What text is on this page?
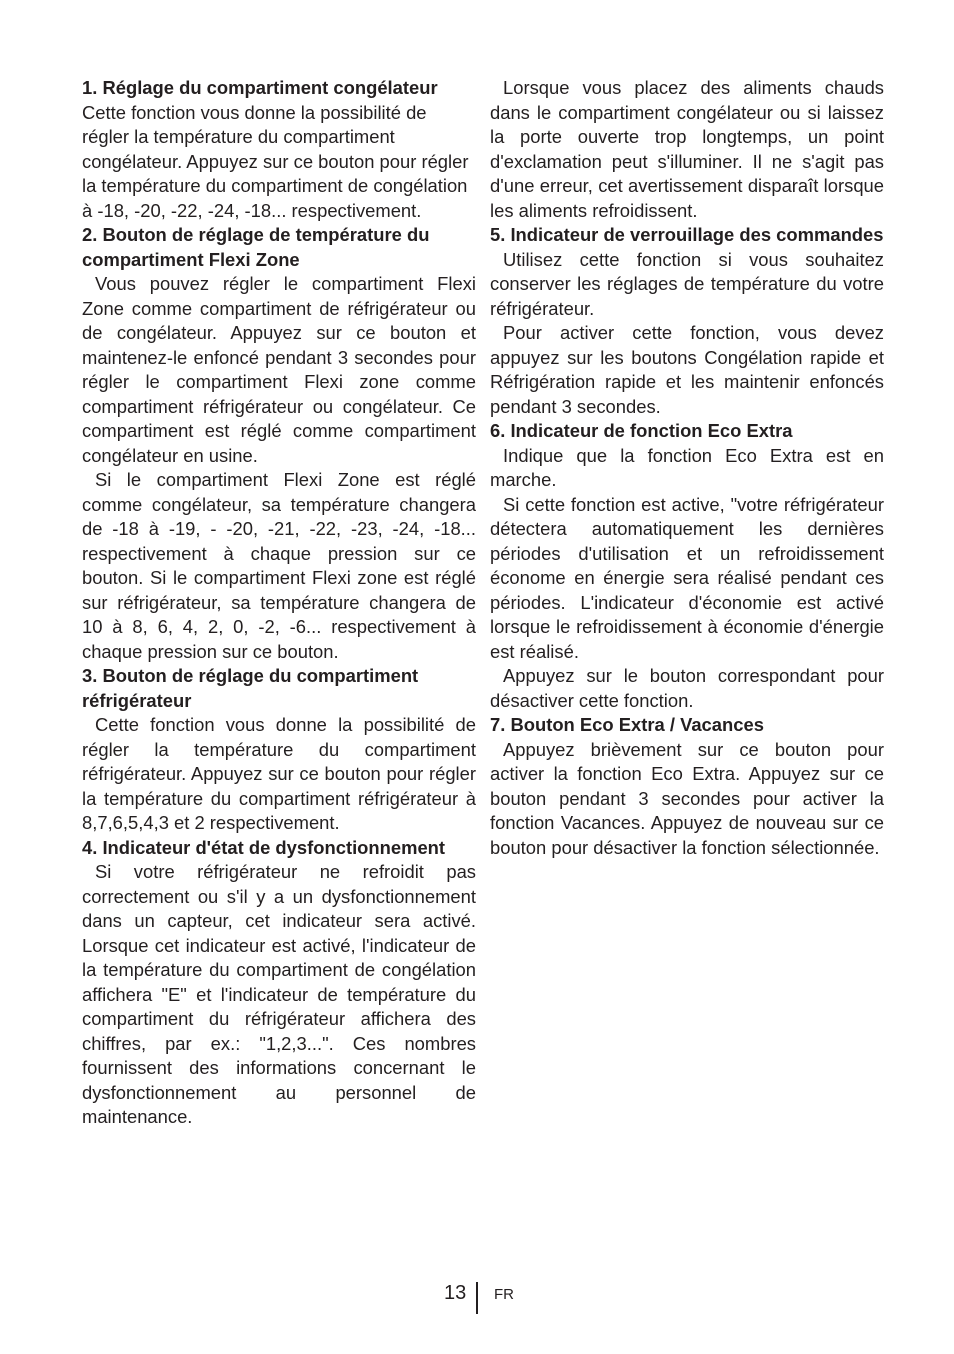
1. Réglage du compartiment congélateur

Cette fonction vous donne la possibilité de régler la température du compartiment congélateur. Appuyez sur ce bouton pour régler la température du compartiment de congélation à -18, -20, -22, -24, -18... respectivement.

2. Bouton de réglage de température du compartiment Flexi Zone

Vous pouvez régler le compartiment Flexi Zone comme compartiment de réfrigérateur ou de congélateur. Appuyez sur ce bouton et maintenez-le enfoncé pendant 3 secondes pour régler le compartiment Flexi zone comme compartiment réfrigérateur ou congélateur. Ce compartiment est réglé comme compartiment congélateur en usine.

Si le compartiment Flexi Zone est réglé comme congélateur, sa température changera de -18 à -19, - -20, -21, -22, -23, -24, -18... respectivement à chaque pression sur ce bouton. Si le compartiment Flexi zone est réglé sur réfrigérateur, sa température changera de 10 à 8, 6, 4, 2, 0, -2, -6... respectivement à chaque pression sur ce bouton.

3. Bouton de réglage du compartiment réfrigérateur

Cette fonction vous donne la possibilité de régler la température du compartiment réfrigérateur. Appuyez sur ce bouton pour régler la température du compartiment réfrigérateur à 8,7,6,5,4,3 et 2 respectivement.

4. Indicateur d'état de dysfonctionnement

Si votre réfrigérateur ne refroidit pas correctement ou s'il y a un dysfonctionnement dans un capteur, cet indicateur sera activé. Lorsque cet indicateur est activé, l'indicateur de la température du compartiment de congélation affichera "E" et l'indicateur de température du compartiment du réfrigérateur affichera des chiffres, par ex.: "1,2,3...". Ces nombres fournissent des informations concernant le dysfonctionnement au personnel de maintenance.

Lorsque vous placez des aliments chauds dans le compartiment congélateur ou si laissez la porte ouverte trop longtemps, un point d'exclamation peut s'illuminer. Il ne s'agit pas d'une erreur, cet avertissement disparaît lorsque les aliments refroidissent.

5. Indicateur de verrouillage des commandes

Utilisez cette fonction si vous souhaitez conserver les réglages de température du votre réfrigérateur.

Pour activer cette fonction, vous devez appuyez sur les boutons Congélation rapide et Réfrigération rapide et les maintenir enfoncés pendant 3 secondes.

6. Indicateur de fonction Eco Extra

Indique que la fonction Eco Extra est en marche.

Si cette fonction est active, "votre réfrigérateur détectera automatiquement les dernières périodes d'utilisation et un refroidissement économe en énergie sera réalisé pendant ces périodes. L'indicateur d'économie est activé lorsque le refroidissement à économie d'énergie est réalisé.

Appuyez sur le bouton correspondant pour désactiver cette fonction.

7. Bouton Eco Extra / Vacances

Appuyez brièvement sur ce bouton pour activer la fonction Eco Extra. Appuyez sur ce bouton pendant 3 secondes pour activer la fonction Vacances. Appuyez de nouveau sur ce bouton pour désactiver la fonction sélectionnée.

13 FR
